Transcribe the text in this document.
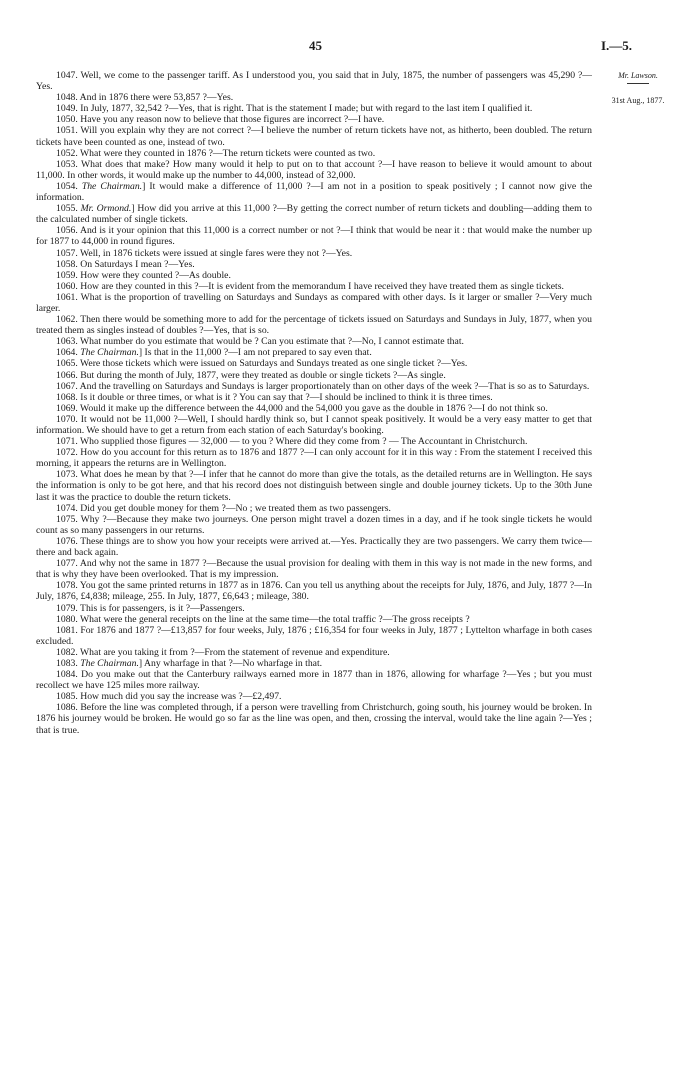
45	I.—5.
Mr. Lawson.
31st Aug., 1877.

1047. Well, we come to the passenger tariff. As I understood you, you said that in July, 1875, the number of passengers was 45,290 ?—Yes.

1048. And in 1876 there were 53,857 ?—Yes.

1049. In July, 1877, 32,542 ?—Yes, that is right. That is the statement I made; but with regard to the last item I qualified it.

1050. Have you any reason now to believe that those figures are incorrect ?—I have.

1051. Will you explain why they are not correct ?—I believe the number of return tickets have not, as hitherto, been doubled. The return tickets have been counted as one, instead of two.

1052. What were they counted in 1876 ?—The return tickets were counted as two.

1053. What does that make? How many would it help to put on to that account ?—I have reason to believe it would amount to about 11,000. In other words, it would make up the number to 44,000, instead of 32,000.

1054. The Chairman.] It would make a difference of 11,000 ?—I am not in a position to speak positively ; I cannot now give the information.

1055. Mr. Ormond.] How did you arrive at this 11,000 ?—By getting the correct number of return tickets and doubling—adding them to the calculated number of single tickets.

1056. And is it your opinion that this 11,000 is a correct number or not ?—I think that would be near it : that would make the number up for 1877 to 44,000 in round figures.

1057. Well, in 1876 tickets were issued at single fares were they not ?—Yes.

1058. On Saturdays I mean ?—Yes.

1059. How were they counted ?—As double.

1060. How are they counted in this ?—It is evident from the memorandum I have received they have treated them as single tickets.

1061. What is the proportion of travelling on Saturdays and Sundays as compared with other days. Is it larger or smaller ?—Very much larger.

1062. Then there would be something more to add for the percentage of tickets issued on Saturdays and Sundays in July, 1877, when you treated them as singles instead of doubles ?—Yes, that is so.

1063. What number do you estimate that would be ? Can you estimate that ?—No, I cannot estimate that.

1064. The Chairman.] Is that in the 11,000 ?—I am not prepared to say even that.

1065. Were those tickets which were issued on Saturdays and Sundays treated as one single ticket ?—Yes.

1066. But during the month of July, 1877, were they treated as double or single tickets ?—As single.

1067. And the travelling on Saturdays and Sundays is larger proportionately than on other days of the week ?—That is so as to Saturdays.

1068. Is it double or three times, or what is it ? You can say that ?—I should be inclined to think it is three times.

1069. Would it make up the difference between the 44,000 and the 54,000 you gave as the double in 1876 ?—I do not think so.

1070. It would not be 11,000 ?—Well, I should hardly think so, but I cannot speak positively. It would be a very easy matter to get that information. We should have to get a return from each station of each Saturday's booking.

1071. Who supplied those figures — 32,000 — to you ? Where did they come from ? — The Accountant in Christchurch.

1072. How do you account for this return as to 1876 and 1877 ?—I can only account for it in this way : From the statement I received this morning, it appears the returns are in Wellington.

1073. What does he mean by that ?—I infer that he cannot do more than give the totals, as the detailed returns are in Wellington. He says the information is only to be got here, and that his record does not distinguish between single and double journey tickets. Up to the 30th June last it was the practice to double the return tickets.

1074. Did you get double money for them ?—No ; we treated them as two passengers.

1075. Why ?—Because they make two journeys. One person might travel a dozen times in a day, and if he took single tickets he would count as so many passengers in our returns.

1076. These things are to show you how your receipts were arrived at.—Yes. Practically they are two passengers. We carry them twice—there and back again.

1077. And why not the same in 1877 ?—Because the usual provision for dealing with them in this way is not made in the new forms, and that is why they have been overlooked. That is my impression.

1078. You got the same printed returns in 1877 as in 1876. Can you tell us anything about the receipts for July, 1876, and July, 1877 ?—In July, 1876, £4,838; mileage, 255. In July, 1877, £6,643 ; mileage, 380.

1079. This is for passengers, is it ?—Passengers.

1080. What were the general receipts on the line at the same time—the total traffic ?—The gross receipts ?

1081. For 1876 and 1877 ?—£13,857 for four weeks, July, 1876 ; £16,354 for four weeks in July, 1877 ; Lyttelton wharfage in both cases excluded.

1082. What are you taking it from ?—From the statement of revenue and expenditure.

1083. The Chairman.] Any wharfage in that ?—No wharfage in that.

1084. Do you make out that the Canterbury railways earned more in 1877 than in 1876, allowing for wharfage ?—Yes ; but you must recollect we have 125 miles more railway.

1085. How much did you say the increase was ?—£2,497.

1086. Before the line was completed through, if a person were travelling from Christchurch, going south, his journey would be broken. In 1876 his journey would be broken. He would go so far as the line was open, and then, crossing the interval, would take the line again ?—Yes ; that is true.
